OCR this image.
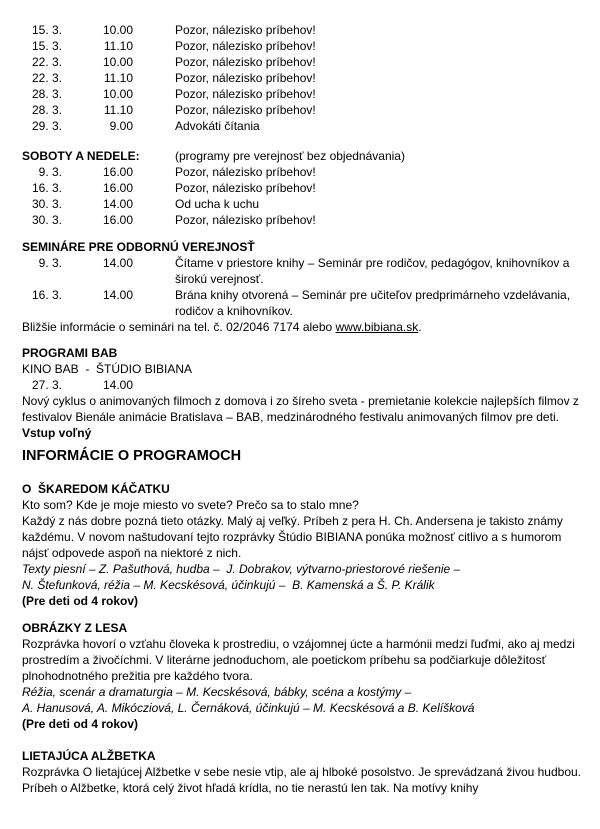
15. 3.	10.00	Pozor, nálezisko príbehov!
15. 3.	11.10	Pozor, nálezisko príbehov!
22. 3.	10.00	Pozor, nálezisko príbehov!
22. 3.	11.10	Pozor, nálezisko príbehov!
28. 3.	10.00	Pozor, nálezisko príbehov!
28. 3.	11.10	Pozor, nálezisko príbehov!
29. 3.	9.00	Advokáti čítania
SOBOTY A NEDELE:	(programy pre verejnosť bez objednávania)
9. 3.	16.00	Pozor, nálezisko príbehov!
16. 3.	16.00	Pozor, nálezisko príbehov!
30. 3.	14.00	Od ucha k uchu
30. 3.	16.00	Pozor, nálezisko príbehov!
SEMINÁRE PRE ODBORNÚ VEREJNOSŤ
9. 3.	14.00	Čítame v priestore knihy – Seminár pre rodičov, pedagógov, knihovníkov a širokú verejnosť.
16. 3.	14.00	Brána knihy otvorená – Seminár pre učiteľov predprimárneho vzdelávania, rodičov a knihovníkov.

Bližšie informácie o seminári na tel. č. 02/2046 7174 alebo www.bibiana.sk.

PROGRAMI BAB

KINO BAB  -  ŠTÚDIO BIBIANA

27. 3.	14.00

Nový cyklus o animovaných filmoch z domova i zo šíreho sveta - premietanie kolekcie najlepších filmov z festivalov Bienále animácie Bratislava – BAB, medzinárodného festivalu animovaných filmov pre deti.

Vstup voľný

INFORMÁCIE O PROGRAMOCH
O  ŠKAREDOM KÁČATKU

Kto som? Kde je moje miesto vo svete? Prečo sa to stalo mne?

Každý z nás dobre pozná tieto otázky. Malý aj veľký. Príbeh z pera H. Ch. Andersena je takisto známy každému. V novom naštudovaní tejto rozprávky Štúdio BIBIANA ponúka možnosť citlivo a s humorom nájsť odpovede aspoň na niektoré z nich.

Texty piesní – Z. Pašuthová, hudba –  J. Dobrakov, výtvarno-priestorové riešenie –

N. Štefunková, réžia – M. Kecskésová, účinkujú –  B. Kamenská a Š. P. Králik

(Pre deti od 4 rokov)

OBRÁZKY Z LESA

Rozprávka hovorí o vzťahu človeka k prostrediu, o vzájomnej úcte a harmónii medzi ľuďmi, ako aj medzi prostredím a živočíchmi. V literárne jednoduchom, ale poetickom príbehu sa podčiarkuje dôležitosť plnohodnotného prežitia pre každého tvora.

Réžia, scenár a dramaturgia – M. Kecskésová, bábky, scéna a kostýmy –

A. Hanusová, A. Mikócziová, L. Černáková, účinkujú – M. Kecskésová a B. Kelíšková

(Pre deti od 4 rokov)

LIETAJÚCA ALŽBETKA

Rozprávka O lietajúcej Alžbetke v sebe nesie vtip, ale aj hlboké posolstvo. Je sprevádzaná živou hudbou. Príbeh o Alžbetke, ktorá celý život hľadá krídla, no tie nerastú len tak. Na motívy knihy
